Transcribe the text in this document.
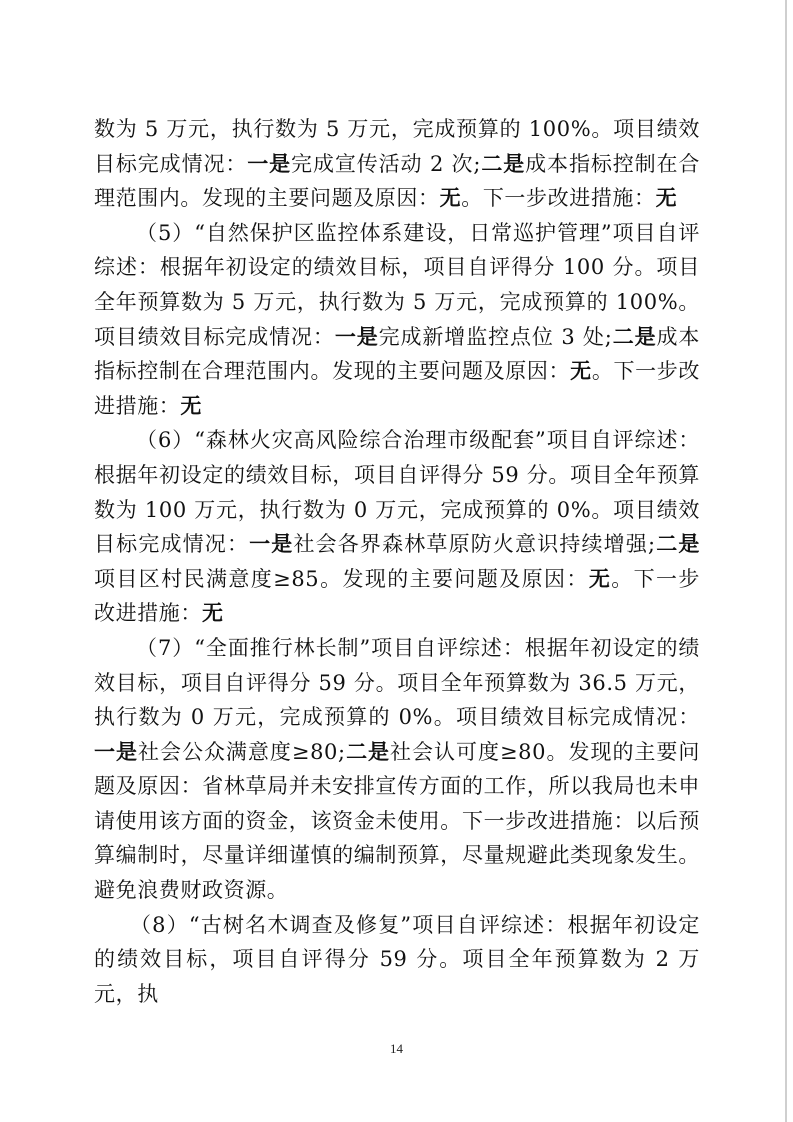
数为 5 万元，执行数为 5 万元，完成预算的 100%。项目绩效目标完成情况：一是完成宣传活动 2 次;二是成本指标控制在合理范围内。发现的主要问题及原因：无。下一步改进措施：无

（5）“自然保护区监控体系建设，日常巡护管理”项目自评综述：根据年初设定的绩效目标，项目自评得分 100 分。项目全年预算数为 5 万元，执行数为 5 万元，完成预算的 100%。项目绩效目标完成情况：一是完成新增监控点位 3 处;二是成本指标控制在合理范围内。发现的主要问题及原因：无。下一步改进措施：无

（6）“森林火灾高风险综合治理市级配套”项目自评综述：根据年初设定的绩效目标，项目自评得分 59 分。项目全年预算数为 100 万元，执行数为 0 万元，完成预算的 0%。项目绩效目标完成情况：一是社会各界森林草原防火意识持续增强;二是项目区村民满意度≥85。发现的主要问题及原因：无。下一步改进措施：无

（7）“全面推行林长制”项目自评综述：根据年初设定的绩效目标，项目自评得分 59 分。项目全年预算数为 36.5 万元，执行数为 0 万元，完成预算的 0%。项目绩效目标完成情况：一是社会公众满意度≥80;二是社会认可度≥80。发现的主要问题及原因：省林草局并未安排宣传方面的工作，所以我局也未申请使用该方面的资金，该资金未使用。下一步改进措施：以后预算编制时，尽量详细谨慎的编制预算，尽量规避此类现象发生。避免浪费财政资源。

（8）“古树名木调查及修复”项目自评综述：根据年初设定的绩效目标，项目自评得分 59 分。项目全年预算数为 2 万元，执

14
